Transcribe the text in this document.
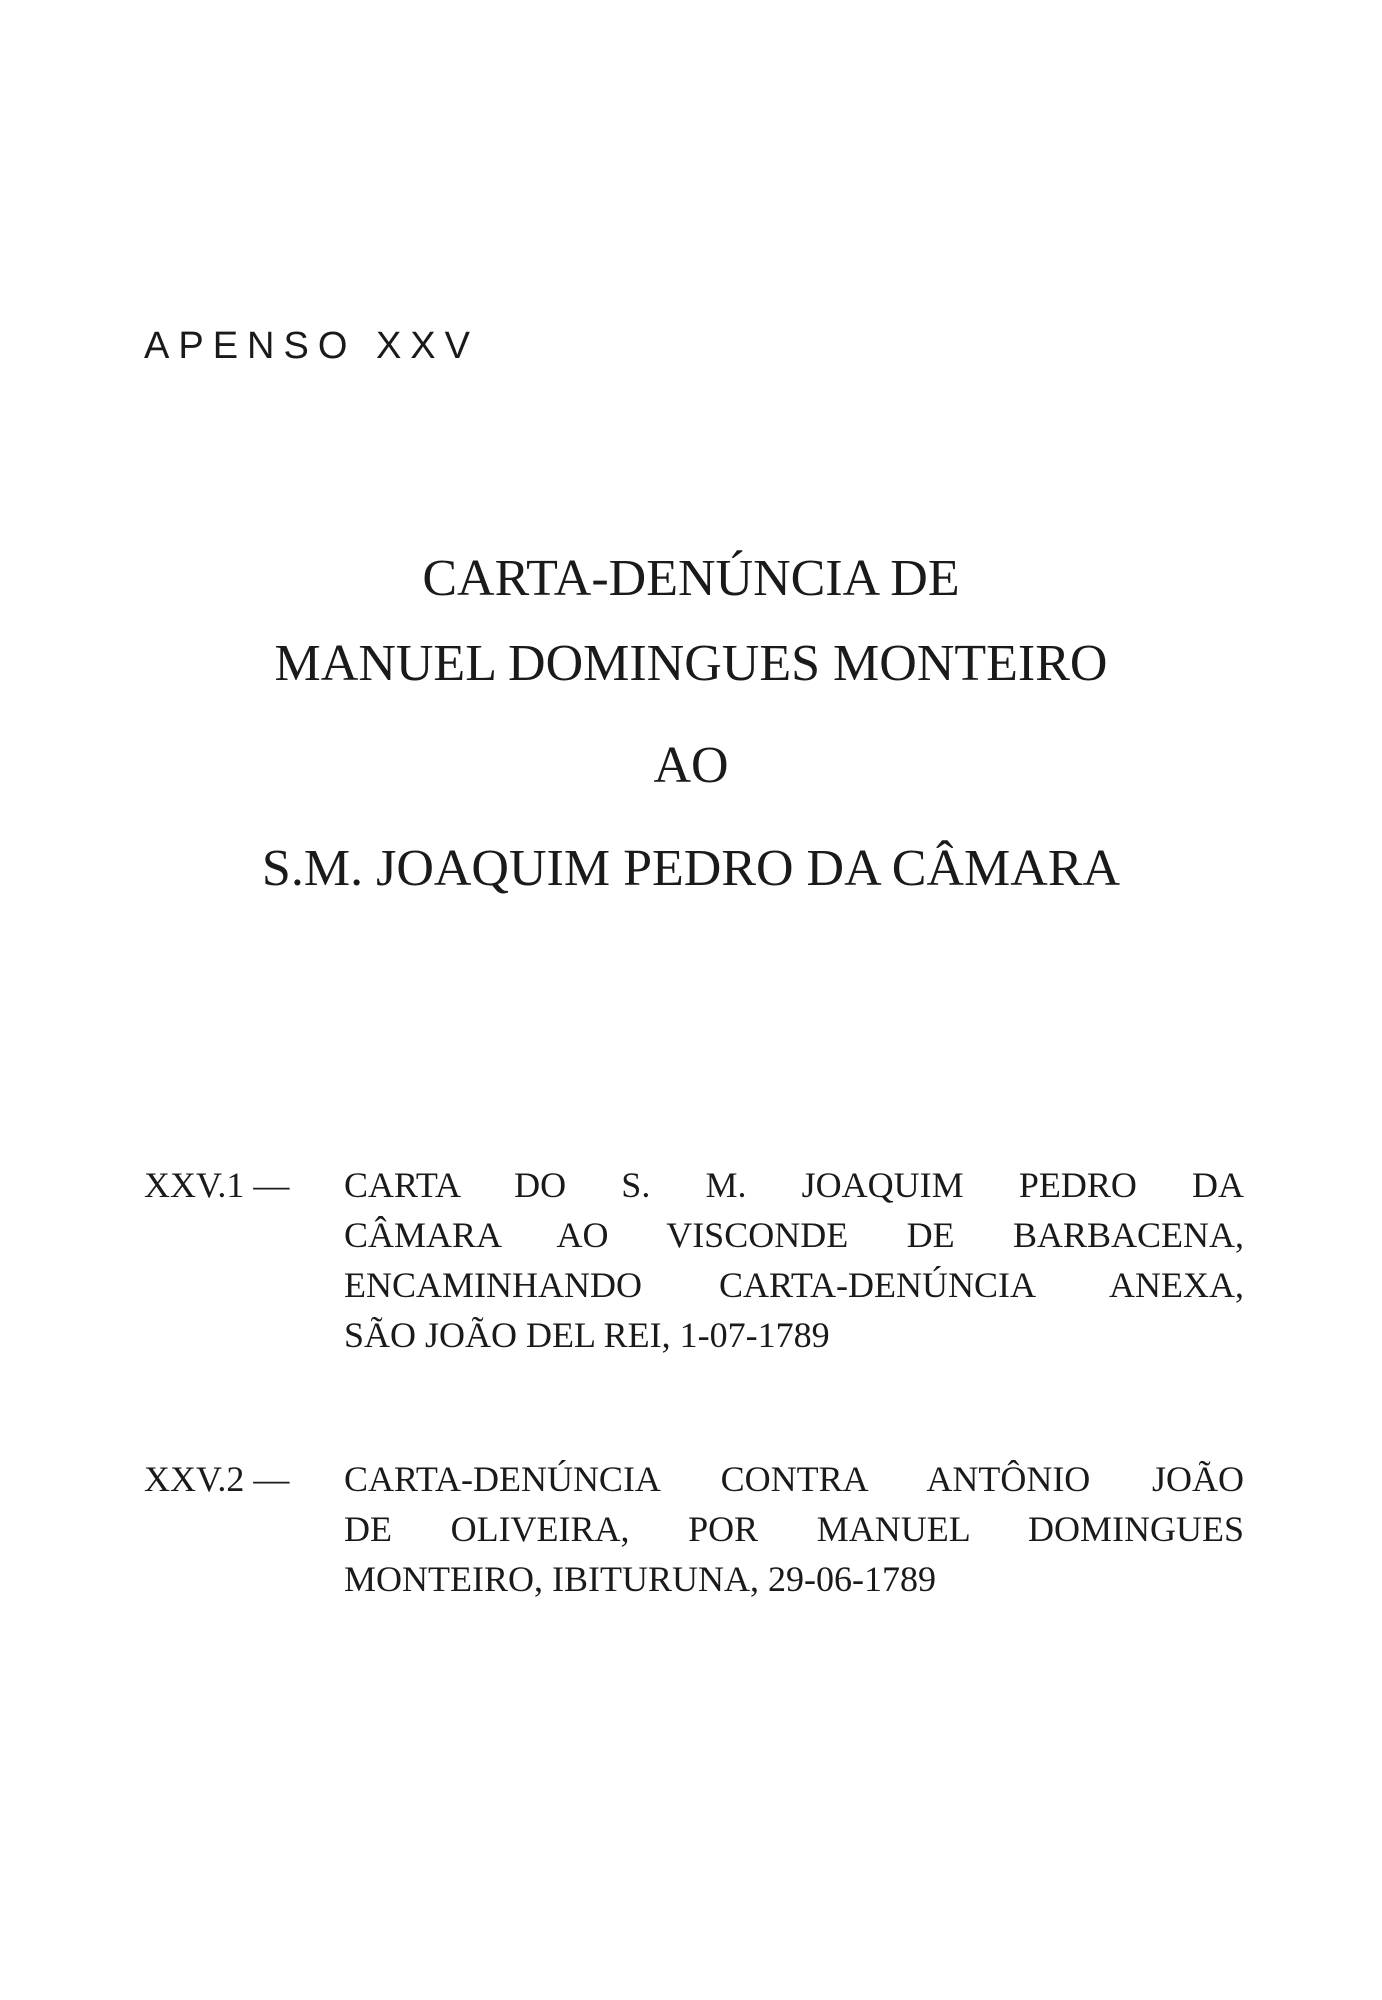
APENSO XXV
CARTA-DENÚNCIA DE
MANUEL DOMINGUES MONTEIRO
AO
S.M. JOAQUIM PEDRO DA CÂMARA
XXV.1 — CARTA DO S. M. JOAQUIM PEDRO DA
CÂMARA AO VISCONDE DE BARBACENA,
ENCAMINHANDO CARTA-DENÚNCIA ANEXA,
SÃO JOÃO DEL REI, 1-07-1789
XXV.2 — CARTA-DENÚNCIA CONTRA ANTÔNIO JOÃO
DE OLIVEIRA, POR MANUEL DOMINGUES
MONTEIRO, IBITURUNA, 29-06-1789
